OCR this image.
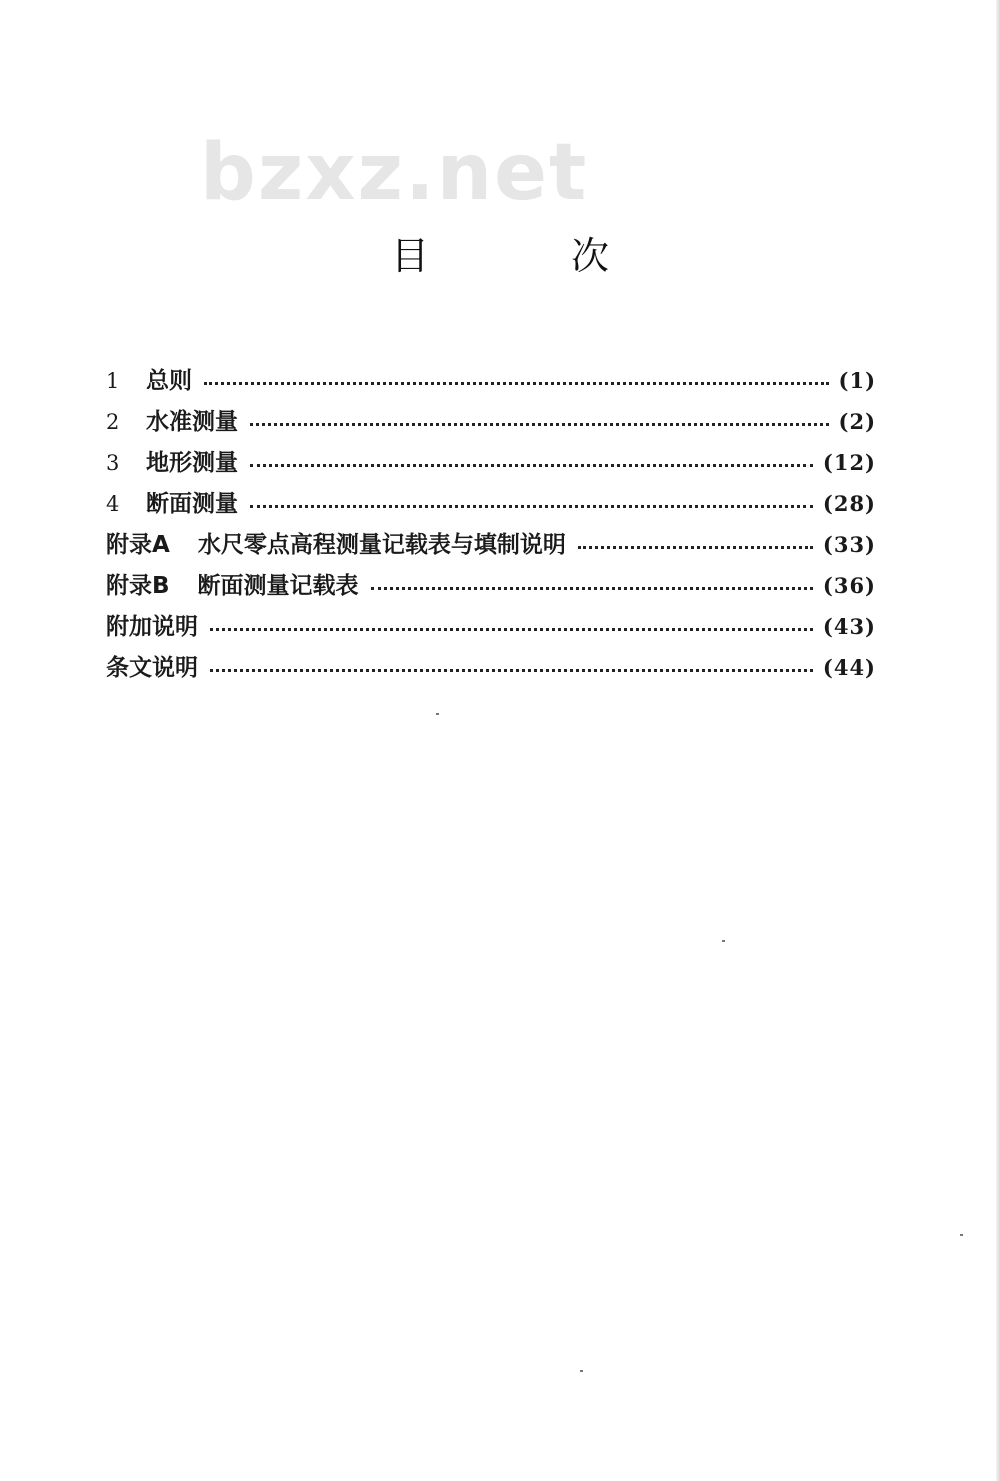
bzxz.net
目	次
1	总则	(1)
2	水准测量	(2)
3	地形测量	(12)
4	断面测量	(28)
附录A 水尺零点高程测量记载表与填制说明	(33)
附录B 断面测量记载表	(36)
附加说明	(43)
条文说明	(44)
